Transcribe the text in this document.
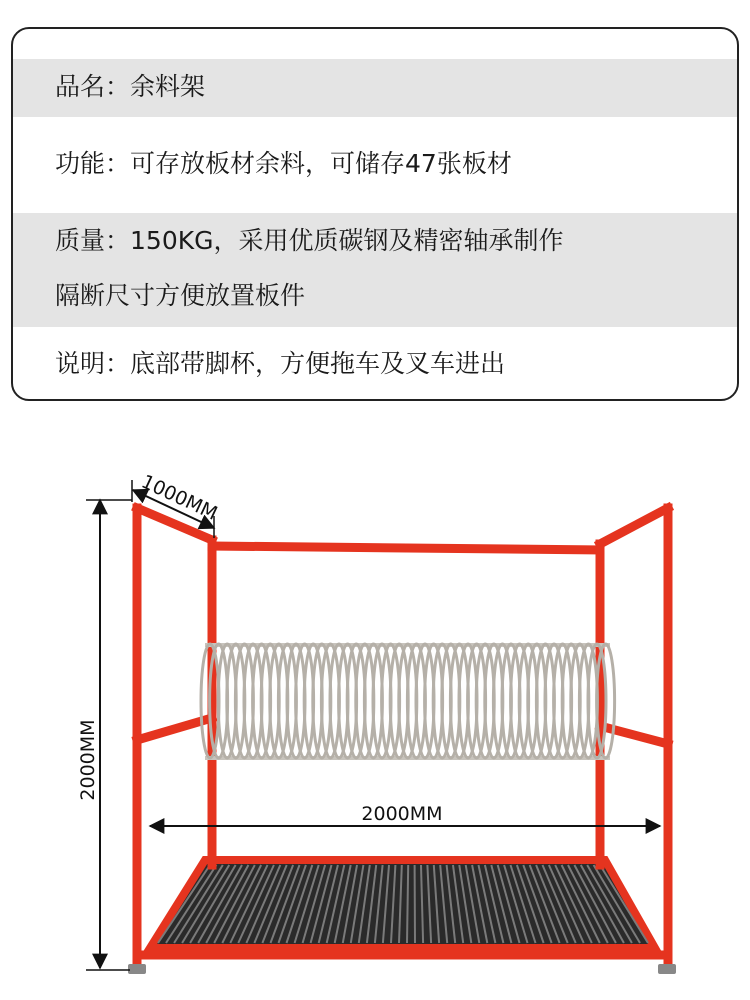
品名：余料架
功能：可存放板材余料，可储存47张板材
质量：150KG，采用优质碳钢及精密轴承制作
隔断尺寸方便放置板件
说明：底部带脚杯，方便拖车及叉车进出
1000MM
2000MM
2000MM
